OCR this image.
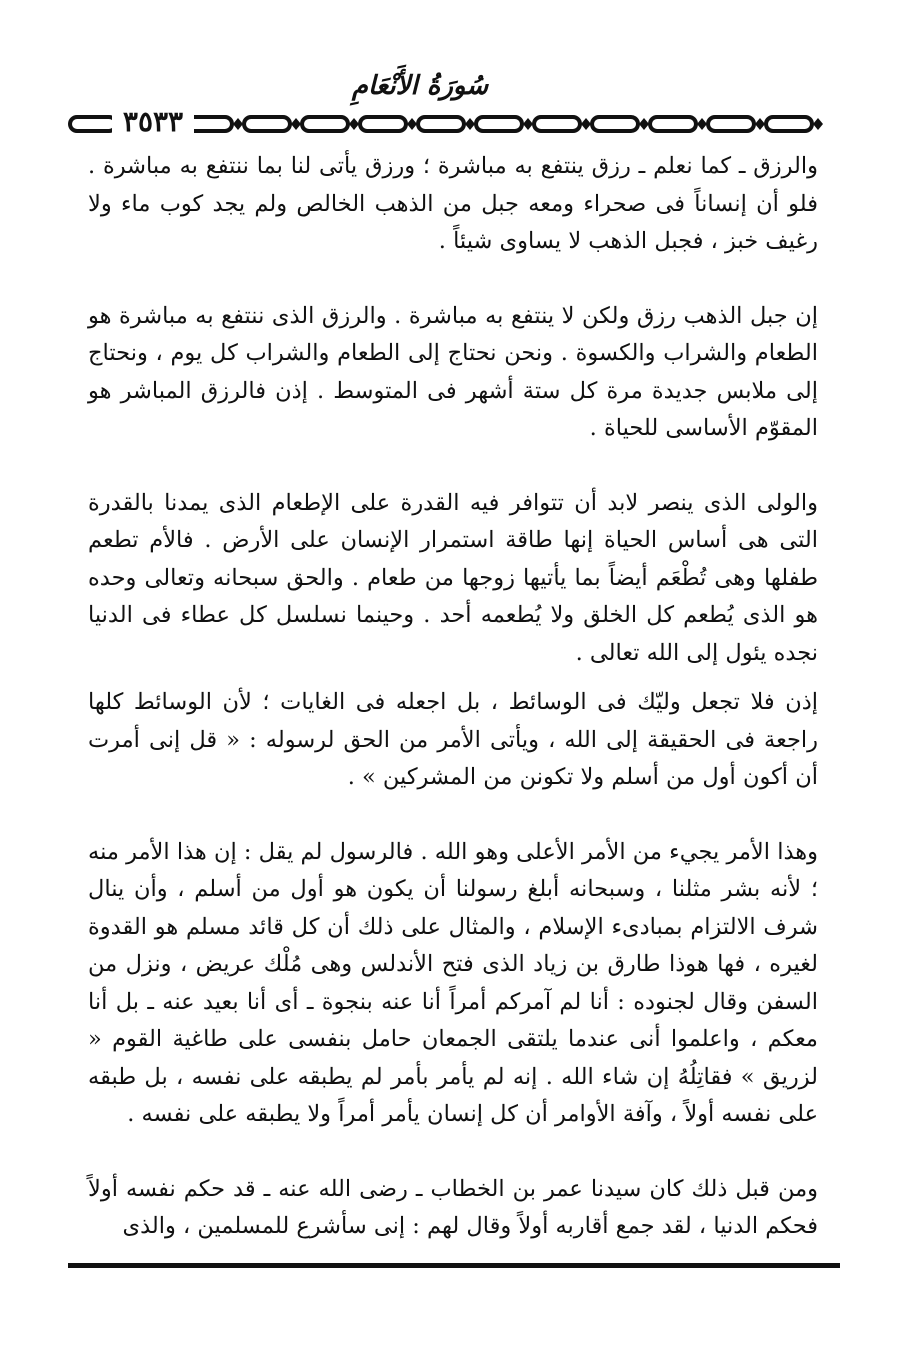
سُورَةُ الأَنْعَامِ
٣٥٣٣

والرزق ـ كما نعلم ـ رزق ينتفع به مباشرة ؛ ورزق يأتى لنا بما ننتفع به مباشرة . فلو أن إنساناً فى صحراء ومعه جبل من الذهب الخالص ولم يجد كوب ماء ولا رغيف خبز ، فجبل الذهب لا يساوى شيئاً .

إن جبل الذهب رزق ولكن لا ينتفع به مباشرة . والرزق الذى ننتفع به مباشرة هو الطعام والشراب والكسوة . ونحن نحتاج إلى الطعام والشراب كل يوم ، ونحتاج إلى ملابس جديدة مرة كل ستة أشهر فى المتوسط . إذن فالرزق المباشر هو المقوّم الأساسى للحياة .

والولى الذى ينصر لابد أن تتوافر فيه القدرة على الإطعام الذى يمدنا بالقدرة التى هى أساس الحياة إنها طاقة استمرار الإنسان على الأرض . فالأم تطعم طفلها وهى تُطْعَم أيضاً بما يأتيها زوجها من طعام . والحق سبحانه وتعالى وحده هو الذى يُطعم كل الخلق ولا يُطعمه أحد . وحينما نسلسل كل عطاء فى الدنيا نجده يئول إلى الله تعالى .

إذن فلا تجعل وليّك فى الوسائط ، بل اجعله فى الغايات ؛ لأن الوسائط كلها راجعة فى الحقيقة إلى الله ، ويأتى الأمر من الحق لرسوله : « قل إنى أمرت أن أكون أول من أسلم ولا تكونن من المشركين » .

وهذا الأمر يجيء من الأمر الأعلى وهو الله . فالرسول لم يقل : إن هذا الأمر منه ؛ لأنه بشر مثلنا ، وسبحانه أبلغ رسولنا أن يكون هو أول من أسلم ، وأن ينال شرف الالتزام بمبادىء الإسلام ، والمثال على ذلك أن كل قائد مسلم هو القدوة لغيره ، فها هوذا طارق بن زياد الذى فتح الأندلس وهى مُلْك عريض ، ونزل من السفن وقال لجنوده : أنا لم آمركم أمراً أنا عنه بنجوة ـ أى أنا بعيد عنه ـ بل أنا معكم ، واعلموا أنى عندما يلتقى الجمعان حامل بنفسى على طاغية القوم « لزريق » فقاتِلُهُ إن شاء الله . إنه لم يأمر بأمر لم يطبقه على نفسه ، بل طبقه على نفسه أولاً ، وآفة الأوامر أن كل إنسان يأمر أمراً ولا يطبقه على نفسه .

ومن قبل ذلك كان سيدنا عمر بن الخطاب ـ رضى الله عنه ـ قد حكم نفسه أولاً فحكم الدنيا ، لقد جمع أقاربه أولاً وقال لهم : إنى سأشرع للمسلمين ، والذى
